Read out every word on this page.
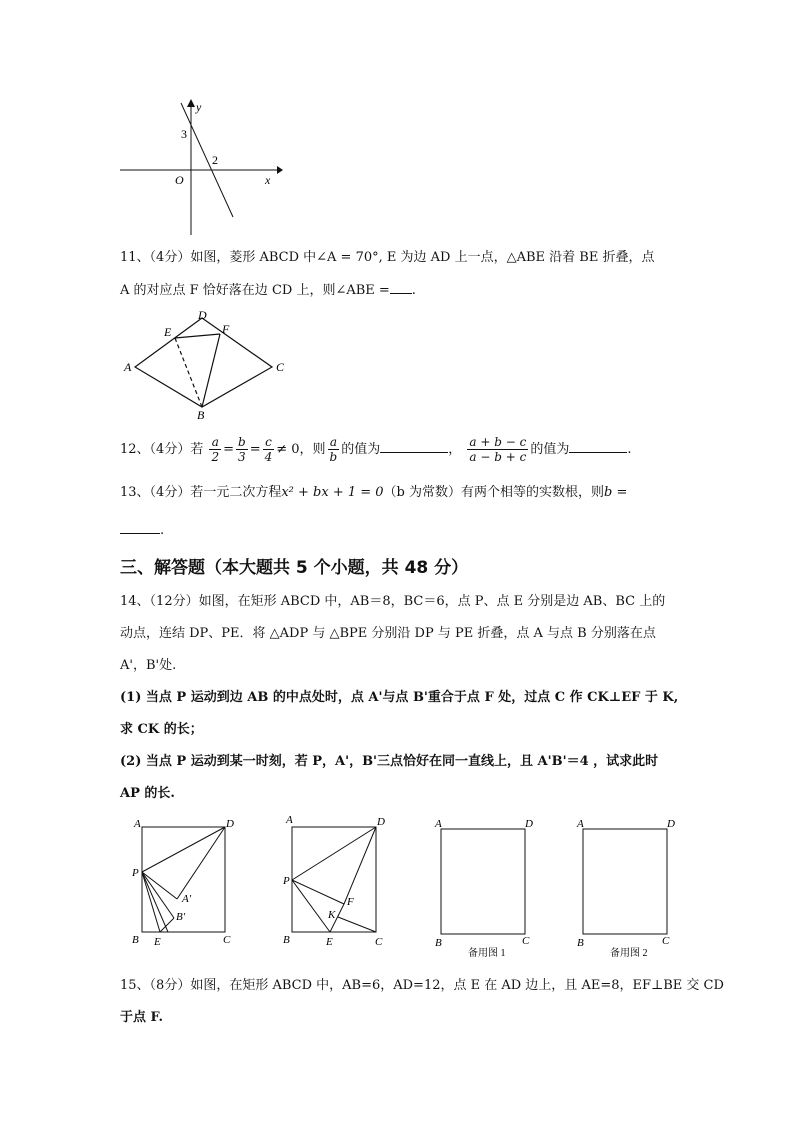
y
x
O
3
2
11、（4分）如图，菱形 ABCD 中∠A = 70°, E 为边 AD 上一点，△ABE 沿着 BE 折叠，点
A 的对应点 F 恰好落在边 CD 上，则∠ABE = .
A
D
E	F
C
B
12、（4分）若 $\frac{a}{2} = \frac{b}{3} = \frac{c}{4} \ne 0$，则 $\frac{a}{b}$ 的值为	， $\frac{a + b - c}{a - b + c}$ 的值为	.
13、（4分）若一元二次方程x² + bx + 1 = 0（b 为常数）有两个相等的实数根，则b =
.
三、解答题（本大题共 5 个小题，共 48 分）
14、（12分）如图，在矩形 ABCD 中，AB＝8，BC＝6，点 P、点 E 分别是边 AB、BC 上的
动点，连结 DP、PE．将 △ADP 与 △BPE 分别沿 DP 与 PE 折叠，点 A 与点 B 分别落在点
A'，B'处.
(1) 当点 P 运动到边 AB 的中点处时，点 A'与点 B'重合于点 F 处，过点 C 作 CK⊥EF 于 K,
求 CK 的长；
(2) 当点 P 运动到某一时刻，若 P，A'，B'三点恰好在同一直线上，且 A'B'＝4 ，试求此时
AP 的长.
A	D
P
A'
B'
B E	C
A	D
P
F
K
B	E	C
A	D
B	C
备用图 1
A	D
B	C
备用图 2
15、（8分）如图，在矩形 ABCD 中，AB=6，AD=12，点 E 在 AD 边上，且 AE=8，EF⊥BE 交 CD
于点 F.
